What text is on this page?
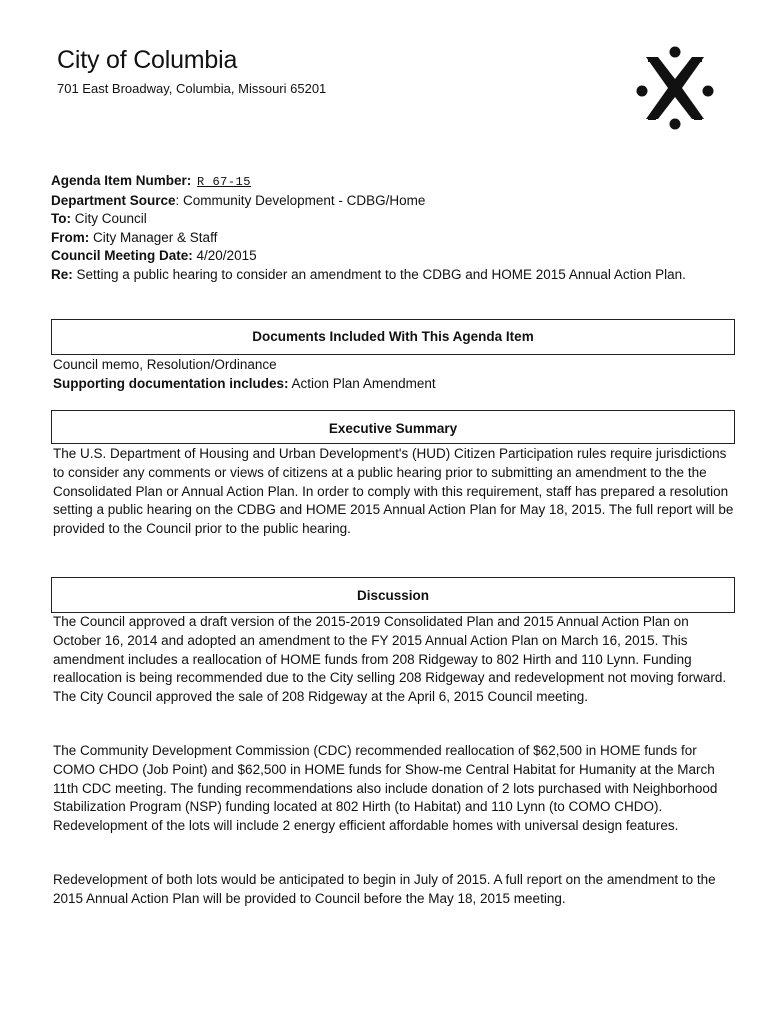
City of Columbia
701 East Broadway, Columbia, Missouri 65201
Agenda Item Number: R 67-15
Department Source: Community Development - CDBG/Home
To: City Council
From: City Manager & Staff
Council Meeting Date: 4/20/2015
Re: Setting a public hearing to consider an amendment to the CDBG and HOME 2015 Annual Action Plan.
Documents Included With This Agenda Item
Council memo, Resolution/Ordinance
Supporting documentation includes: Action Plan Amendment
Executive Summary
The U.S. Department of Housing and Urban Development's (HUD) Citizen Participation rules require jurisdictions to consider any comments or views of citizens at a public hearing prior to submitting an amendment to the the Consolidated Plan or Annual Action Plan. In order to comply with this requirement, staff has prepared a resolution setting a public hearing on the CDBG and HOME 2015 Annual Action Plan for May 18, 2015. The full report will be provided to the Council prior to the public hearing.
Discussion
The Council approved a draft version of the 2015-2019 Consolidated Plan and 2015 Annual Action Plan on October 16, 2014 and adopted an amendment to the FY 2015 Annual Action Plan on March 16, 2015. This amendment includes a reallocation of HOME funds from 208 Ridgeway to 802 Hirth and 110 Lynn. Funding reallocation is being recommended due to the City selling 208 Ridgeway and redevelopment not moving forward. The City Council approved the sale of 208 Ridgeway at the April 6, 2015 Council meeting.
The Community Development Commission (CDC) recommended reallocation of $62,500 in HOME funds for COMO CHDO (Job Point) and $62,500 in HOME funds for Show-me Central Habitat for Humanity at the March 11th CDC meeting. The funding recommendations also include donation of 2 lots purchased with Neighborhood Stabilization Program (NSP) funding located at 802 Hirth (to Habitat) and 110 Lynn (to COMO CHDO). Redevelopment of the lots will include 2 energy efficient affordable homes with universal design features.
Redevelopment of both lots would be anticipated to begin in July of 2015. A full report on the amendment to the 2015 Annual Action Plan will be provided to Council before the May 18, 2015 meeting.
